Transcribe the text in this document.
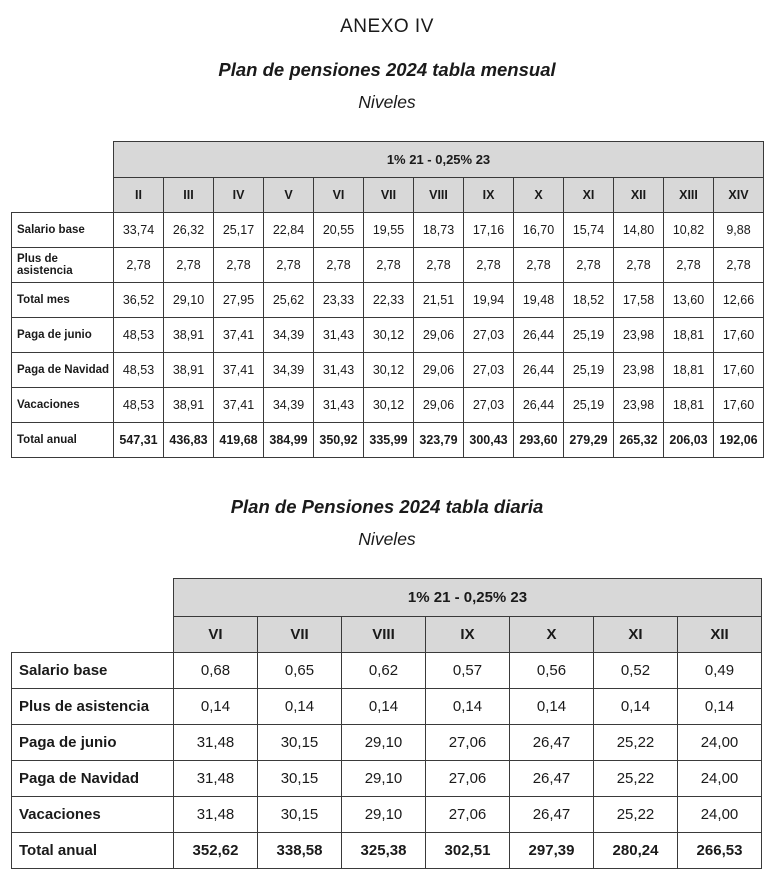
ANEXO IV
Plan de pensiones 2024 tabla mensual
Niveles
	1% 21 - 0,25% 23												
	II	III	IV	V	VI	VII	VIII	IX	X	XI	XII	XIII	XIV
Salario base	33,74	26,32	25,17	22,84	20,55	19,55	18,73	17,16	16,70	15,74	14,80	10,82	9,88
Plus de asistencia	2,78	2,78	2,78	2,78	2,78	2,78	2,78	2,78	2,78	2,78	2,78	2,78	2,78
Total mes	36,52	29,10	27,95	25,62	23,33	22,33	21,51	19,94	19,48	18,52	17,58	13,60	12,66
Paga de junio	48,53	38,91	37,41	34,39	31,43	30,12	29,06	27,03	26,44	25,19	23,98	18,81	17,60
Paga de Navidad	48,53	38,91	37,41	34,39	31,43	30,12	29,06	27,03	26,44	25,19	23,98	18,81	17,60
Vacaciones	48,53	38,91	37,41	34,39	31,43	30,12	29,06	27,03	26,44	25,19	23,98	18,81	17,60
Total anual	547,31	436,83	419,68	384,99	350,92	335,99	323,79	300,43	293,60	279,29	265,32	206,03	192,06
Plan de Pensiones 2024 tabla diaria
Niveles
	1% 21 - 0,25% 23						
	VI	VII	VIII	IX	X	XI	XII
Salario base	0,68	0,65	0,62	0,57	0,56	0,52	0,49
Plus de asistencia	0,14	0,14	0,14	0,14	0,14	0,14	0,14
Paga de junio	31,48	30,15	29,10	27,06	26,47	25,22	24,00
Paga de Navidad	31,48	30,15	29,10	27,06	26,47	25,22	24,00
Vacaciones	31,48	30,15	29,10	27,06	26,47	25,22	24,00
Total anual	352,62	338,58	325,38	302,51	297,39	280,24	266,53
